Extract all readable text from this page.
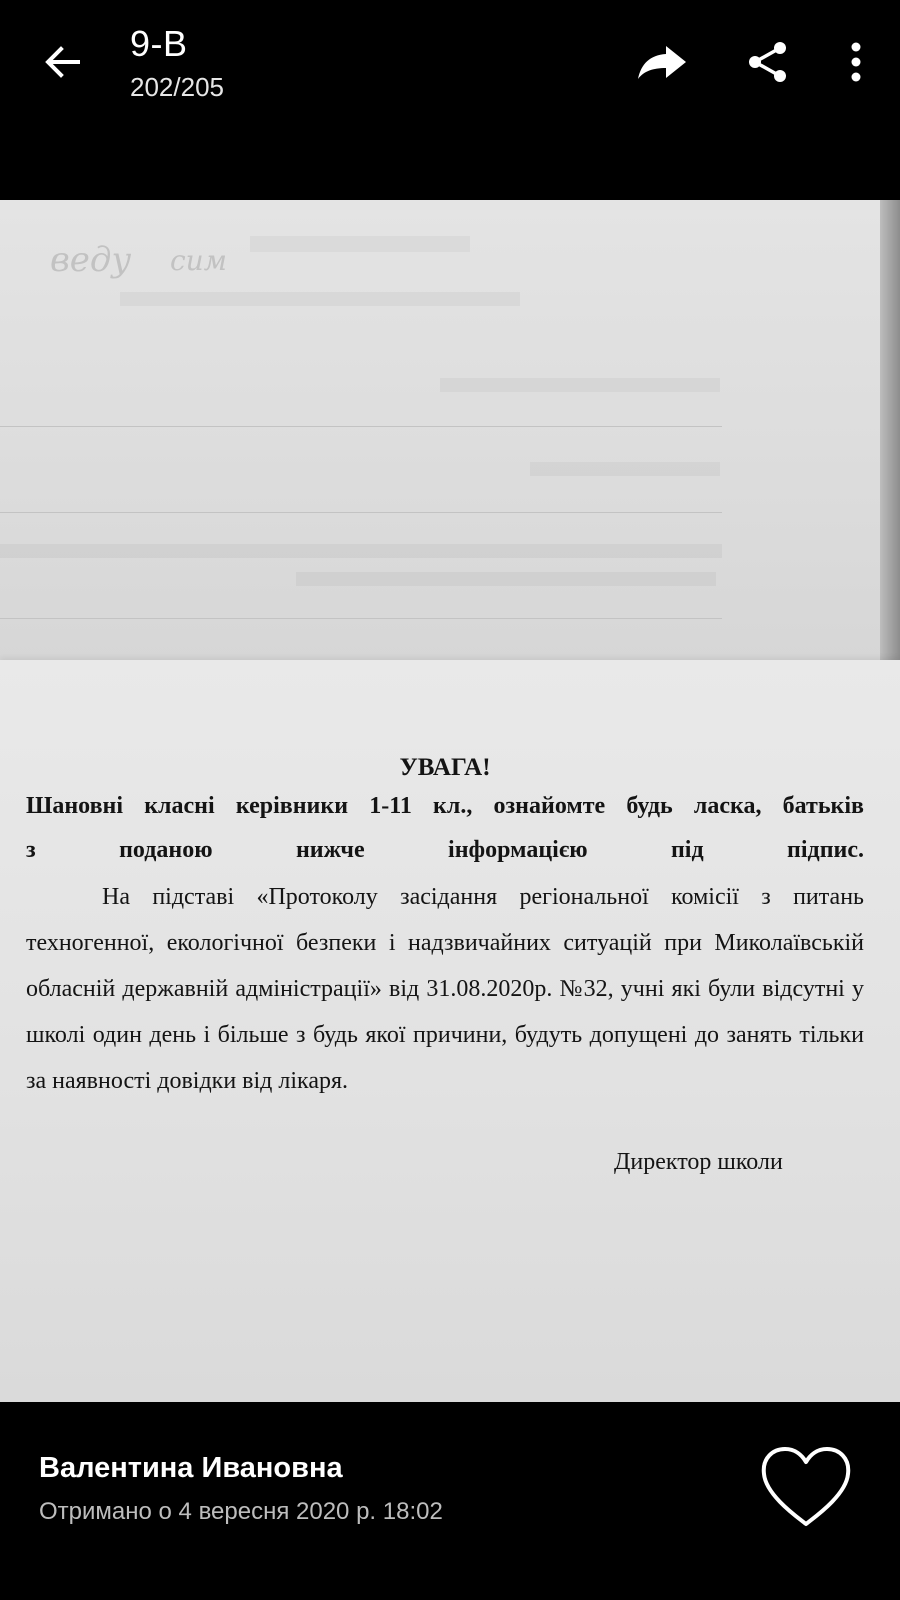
9-В
202/205
ведy сим

УВАГА!

Шановні класні керівники 1-11 кл., ознайомте будь ласка, батьків
з поданою нижче інформацією під підпис.

На підставі «Протоколу засідання регіональної комісії з питань техногенної, екологічної безпеки і надзвичайних ситуацій при Миколаївській обласній державній адміністрації» від 31.08.2020р. №32, учні які були відсутні у школі один день і більше з будь якої причини, будуть допущені до занять тільки за наявності довідки від лікаря.

Директор школи
Валентина Ивановна
Отримано о 4 вересня 2020 р. 18:02
